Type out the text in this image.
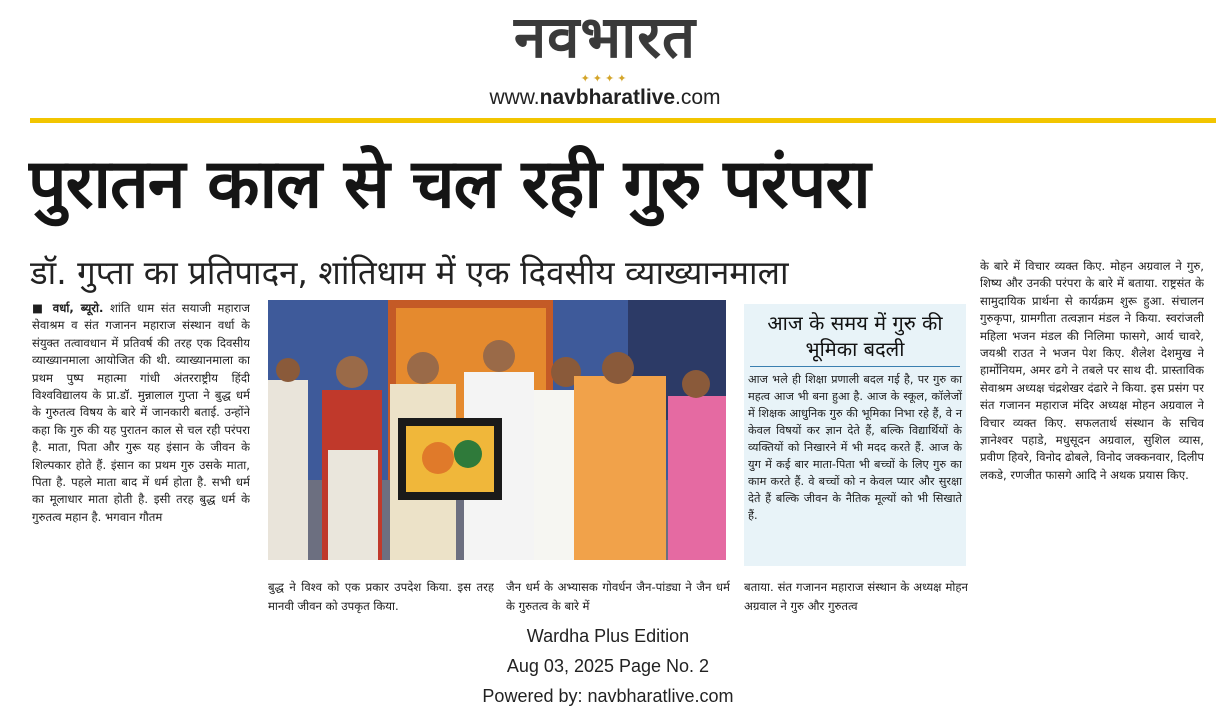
नवभारत
✦✦✦✦
www.navbharatlive.com
पुरातन काल से चल रही गुरु परंपरा
डॉ. गुप्ता का प्रतिपादन, शांतिधाम में एक दिवसीय व्याख्यानमाला
■ वर्धा, ब्यूरो. शांति धाम संत सयाजी महाराज सेवाश्रम व संत गजानन महाराज संस्थान वर्धा के संयुक्त तत्वावधान में प्रतिवर्ष की तरह एक दिवसीय व्याख्यानमाला आयोजित की थी. व्याख्यानमाला का प्रथम पुष्प महात्मा गांधी अंतरराष्ट्रीय हिंदी विश्वविद्यालय के प्रा.डॉ. मुन्नालाल गुप्ता ने बुद्ध धर्म के गुरुतत्व विषय के बारे में जानकारी बताई. उन्होंने कहा कि गुरु की यह पुरातन काल से चल रही परंपरा है. माता, पिता और गुरू यह इंसान के जीवन के शिल्पकार होते हैं. इंसान का प्रथम गुरु उसके माता, पिता है. पहले माता बाद में धर्म होता है. सभी धर्म का मूलाधार माता होती है. इसी तरह बुद्ध धर्म के गुरुतत्व महान है. भगवान गौतम
आज के समय में गुरु की भूमिका बदली
आज भले ही शिक्षा प्रणाली बदल गई है, पर गुरु का महत्व आज भी बना हुआ है. आज के स्कूल, कॉलेजों में शिक्षक आधुनिक गुरु की भूमिका निभा रहे हैं, वे न केवल विषयों कर ज्ञान देते हैं, बल्कि विद्यार्थियों के व्यक्तियों को निखारने में भी मदद करते हैं. आज के युग में कई बार माता-पिता भी बच्चों के लिए गुरु का काम करते हैं. वे बच्चों को न केवल प्यार और सुरक्षा देते हैं बल्कि जीवन के नैतिक मूल्यों को भी सिखाते हैं.
बुद्ध ने विश्व को एक प्रकार उपदेश किया. इस तरह मानवी जीवन को उपकृत किया.
जैन धर्म के अभ्यासक गोवर्धन जैन-पांड्या ने जैन धर्म के गुरुतत्व के बारे में
बताया. संत गजानन महाराज संस्थान के अध्यक्ष मोहन अग्रवाल ने गुरु और गुरुतत्व
के बारे में विचार व्यक्त किए. मोहन अग्रवाल ने गुरु, शिष्य और उनकी परंपरा के बारे में बताया. राष्ट्रसंत के सामुदायिक प्रार्थना से कार्यक्रम शुरू हुआ. संचालन गुरुकृपा, ग्रामगीता तत्वज्ञान मंडल ने किया. स्वरांजली महिला भजन मंडल की निलिमा फासगे, आर्य चावरे, जयश्री राउत ने भजन पेश किए. शैलेश देशमुख ने हार्मोनियम, अमर ढगे ने तबले पर साथ दी. प्रास्ताविक सेवाश्रम अध्यक्ष चंद्रशेखर दंढारे ने किया. इस प्रसंग पर संत गजानन महाराज मंदिर अध्यक्ष मोहन अग्रवाल ने विचार व्यक्त किए. सफलतार्थ संस्थान के सचिव ज्ञानेश्वर पहाडे, मधुसूदन अग्रवाल, सुशिल व्यास, प्रवीण हिवरे, विनोद ढोबले, विनोद जक्कनवार, दिलीप लकडे, रणजीत फासगे आदि ने अथक प्रयास किए.
Wardha Plus Edition
Aug 03, 2025 Page No. 2
Powered by: navbharatlive.com
